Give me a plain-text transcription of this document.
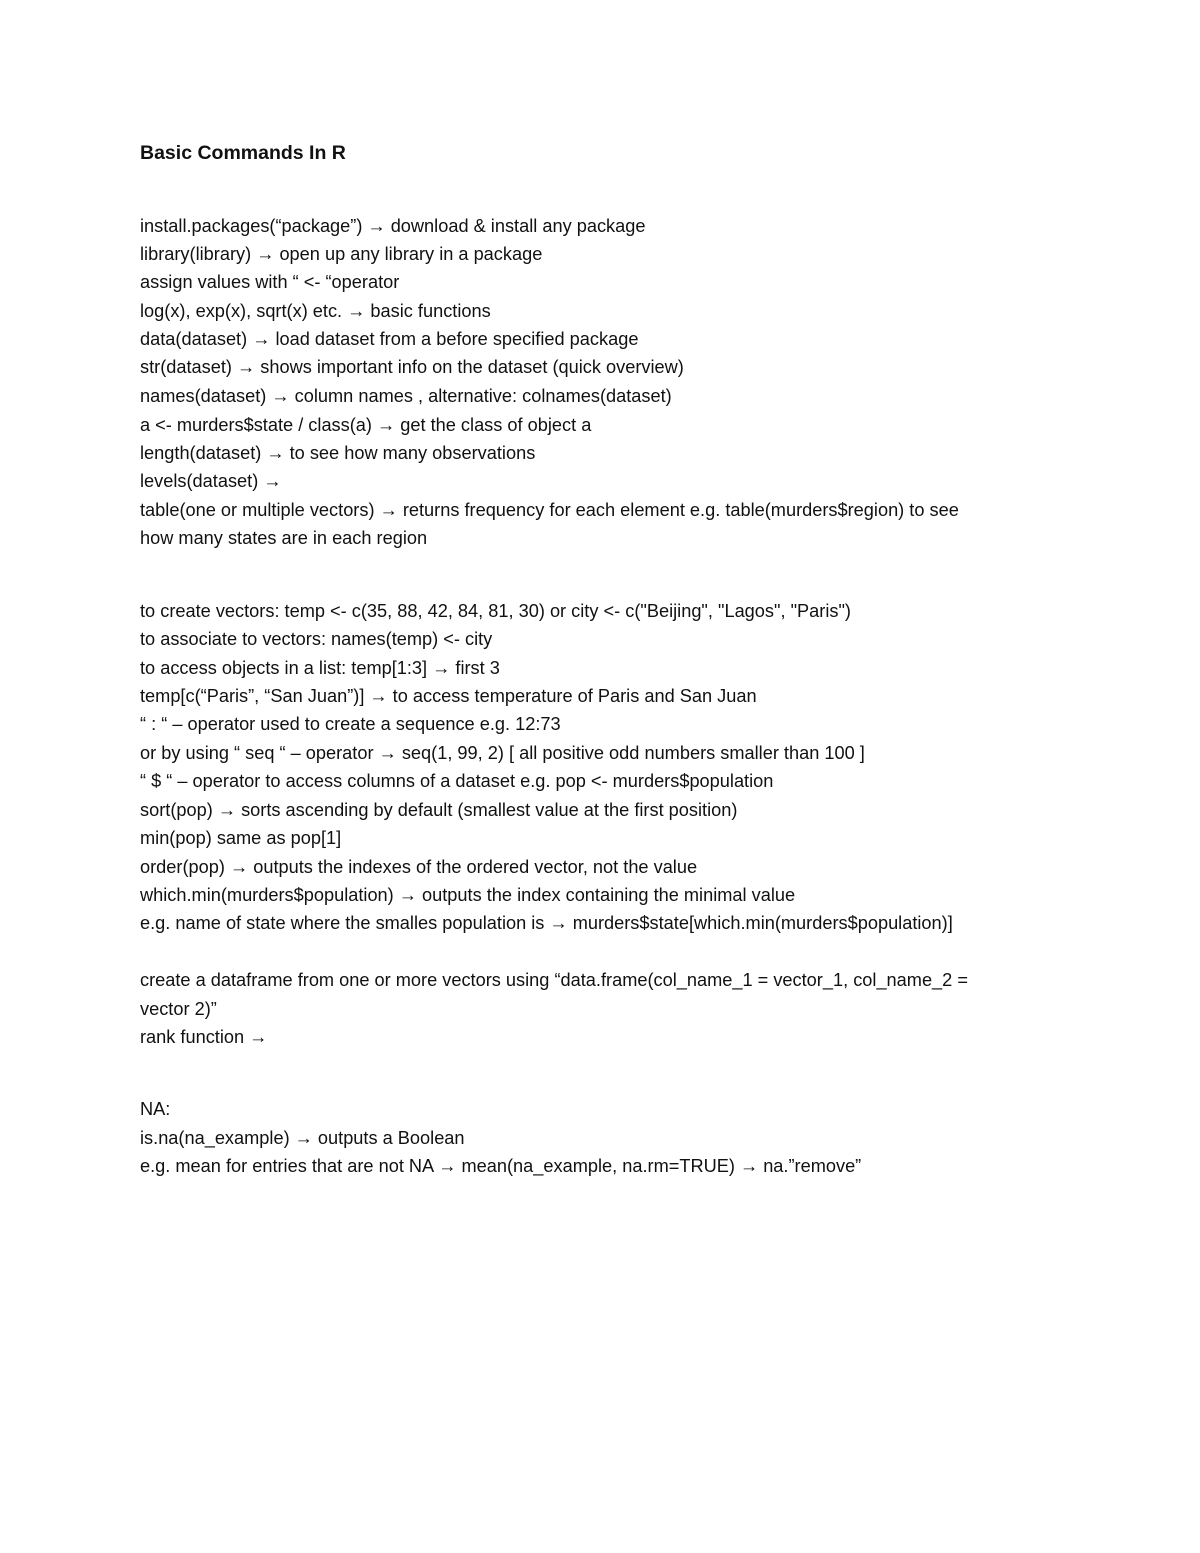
Basic Commands In R
install.packages(“package”) → download & install any package
library(library) → open up any library in a package
assign values with “ <- “operator
log(x), exp(x), sqrt(x) etc. → basic functions
data(dataset) → load dataset from a before specified package
str(dataset) → shows important info on the dataset (quick overview)
names(dataset) → column names , alternative: colnames(dataset)
a <- murders$state / class(a) → get the class of object a
length(dataset) → to see how many observations
levels(dataset) →
table(one or multiple vectors) → returns frequency for each element e.g. table(murders$region) to see
how many states are in each region
to create vectors: temp <- c(35, 88, 42, 84, 81, 30) or city <- c("Beijing", "Lagos", "Paris")
to associate to vectors: names(temp) <- city
to access objects in a list: temp[1:3] → first 3
temp[c(“Paris”, “San Juan”)] → to access temperature of Paris and San Juan
“ : “ – operator used to create a sequence e.g. 12:73
or by using “ seq “ – operator → seq(1, 99, 2) [ all positive odd numbers smaller than 100 ]
“ $ “ – operator to access columns of a dataset e.g. pop <- murders$population
sort(pop) → sorts ascending by default (smallest value at the first position)
min(pop) same as pop[1]
order(pop) → outputs the indexes of the ordered vector, not the value
which.min(murders$population) → outputs the index containing the minimal value
e.g. name of state where the smalles population is → murders$state[which.min(murders$population)]
create a dataframe from one or more vectors using “data.frame(col_name_1 = vector_1, col_name_2 =
vector 2)”
rank function →
NA:
is.na(na_example) → outputs a Boolean
e.g. mean for entries that are not NA → mean(na_example, na.rm=TRUE) → na.”remove”
